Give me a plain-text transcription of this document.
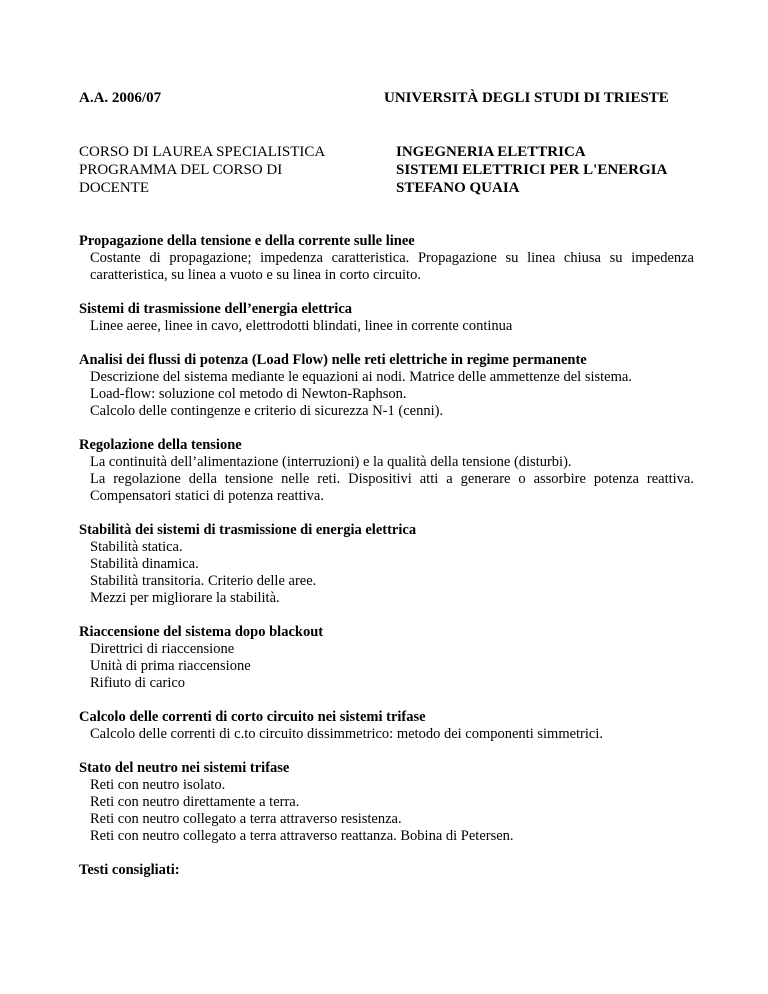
A.A. 2006/07	UNIVERSITÀ DEGLI STUDI DI TRIESTE
CORSO DI LAUREA SPECIALISTICA
PROGRAMMA DEL CORSO DI
DOCENTE
INGEGNERIA ELETTRICA
SISTEMI ELETTRICI PER L'ENERGIA
STEFANO QUAIA
Propagazione della tensione e della corrente sulle linee
Costante di propagazione; impedenza caratteristica. Propagazione su linea chiusa su impedenza
caratteristica, su linea a vuoto e su linea in corto circuito.
Sistemi di trasmissione dell’energia elettrica
Linee aeree, linee in cavo, elettrodotti blindati, linee in corrente continua
Analisi dei flussi di potenza (Load Flow) nelle reti elettriche in regime permanente
Descrizione del sistema mediante le equazioni ai nodi. Matrice delle ammettenze del sistema.
Load-flow: soluzione col metodo di Newton-Raphson.
Calcolo delle contingenze e criterio di sicurezza N-1 (cenni).
Regolazione della tensione
La continuità dell’alimentazione (interruzioni) e la qualità della tensione (disturbi).
La regolazione della tensione nelle reti. Dispositivi atti a generare o assorbire potenza reattiva.
Compensatori statici di potenza reattiva.
Stabilità dei sistemi di trasmissione di energia elettrica
Stabilità statica.
Stabilità dinamica.
Stabilità transitoria. Criterio delle aree.
Mezzi per migliorare la stabilità.
Riaccensione del sistema dopo blackout
Direttrici di riaccensione
Unità di prima riaccensione
Rifiuto di carico
Calcolo delle correnti di corto circuito nei sistemi trifase
Calcolo delle correnti di c.to circuito dissimmetrico: metodo dei componenti simmetrici.
Stato del neutro nei sistemi trifase
Reti con neutro isolato.
Reti con neutro direttamente a terra.
Reti con neutro collegato a terra attraverso resistenza.
Reti con neutro collegato a terra attraverso reattanza. Bobina di Petersen.
Testi consigliati:
